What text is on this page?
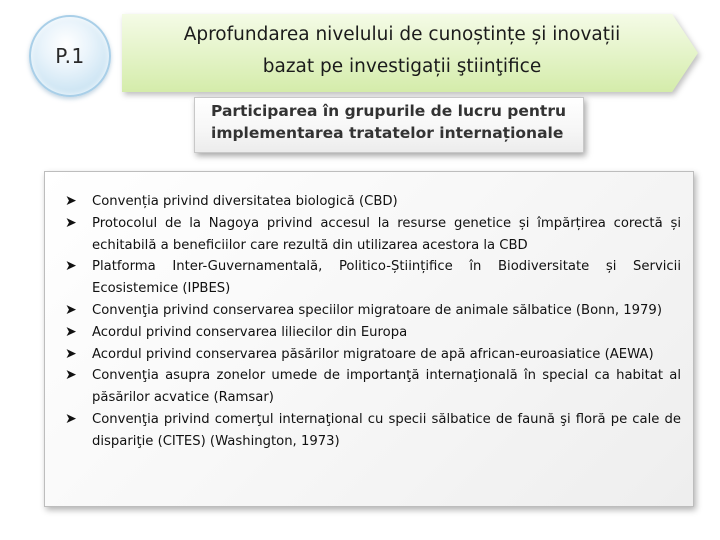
P.1
Aprofundarea nivelului de cunoștințe și inovații
bazat pe investigații ştiinţifice
Participarea în grupurile de lucru pentru
implementarea tratatelor internaționale
➤ Convenția privind diversitatea biologică (CBD)
➤ Protocolul de la Nagoya privind accesul la resurse genetice și împărțirea corectă și echitabilă a beneficiilor care rezultă din utilizarea acestora la CBD
➤ Platforma Inter-Guvernamentală, Politico-Științifice în Biodiversitate și Servicii Ecosistemice (IPBES)
➤ Convenţia privind conservarea speciilor migratoare de animale sălbatice (Bonn, 1979)
➤ Acordul privind conservarea liliecilor din Europa
➤ Acordul privind conservarea păsărilor migratoare de apă african-euroasiatice (AEWA)
➤ Convenţia asupra zonelor umede de importanţă internaţională în special ca habitat al păsărilor acvatice (Ramsar)
➤ Convenţia privind comerţul internaţional cu specii sălbatice de faună şi floră pe cale de dispariţie (CITES) (Washington, 1973)
